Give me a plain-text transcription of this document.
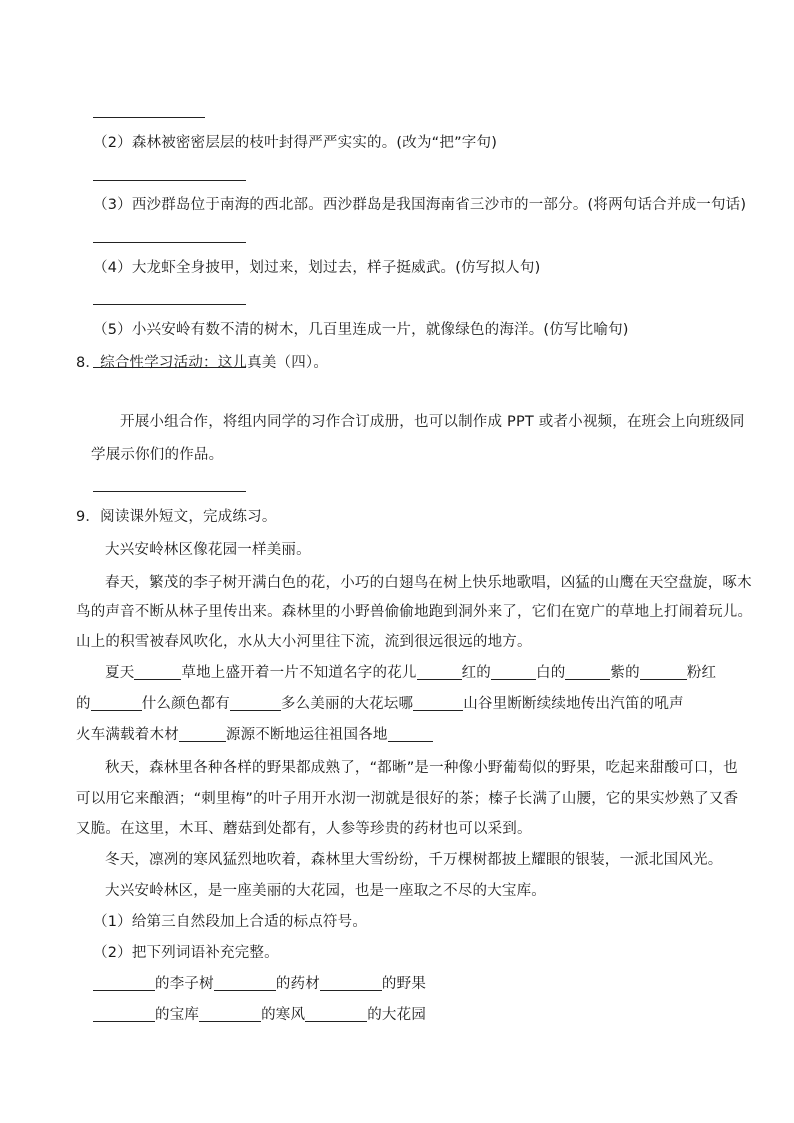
（2）森林被密密层层的枝叶封得严严实实的。(改为“把”字句)
（3）西沙群岛位于南海的西北部。西沙群岛是我国海南省三沙市的一部分。(将两句话合并成一句话)
（4）大龙虾全身披甲，划过来，划过去，样子挺威武。(仿写拟人句)
（5）小兴安岭有数不清的树木，几百里连成一片，就像绿色的海洋。(仿写比喻句)
8．综合性学习活动：这儿真美（四）。
开展小组合作，将组内同学的习作合订成册，也可以制作成 PPT 或者小视频，在班会上向班级同
学展示你们的作品。
9．阅读课外短文，完成练习。
大兴安岭林区像花园一样美丽。
春天，繁茂的李子树开满白色的花，小巧的白翅鸟在树上快乐地歌唱，凶猛的山鹰在天空盘旋，啄木
鸟的声音不断从林子里传出来。森林里的小野兽偷偷地跑到洞外来了，它们在宽广的草地上打闹着玩儿。
山上的积雪被春风吹化，水从大小河里往下流，流到很远很远的地方。
夏天	草地上盛开着一片不知道名字的花儿	红的	白的	紫的	粉红
的	什么颜色都有	多么美丽的大花坛哪	山谷里断断续续地传出汽笛的吼声
火车满载着木材	源源不断地运往祖国各地
秋天，森林里各种各样的野果都成熟了，“都晰”是一种像小野葡萄似的野果，吃起来甜酸可口，也
可以用它来酿酒；“刺里梅”的叶子用开水沏一沏就是很好的茶；榛子长满了山腰，它的果实炒熟了又香
又脆。在这里，木耳、蘑菇到处都有，人参等珍贵的药材也可以采到。
冬天，凛冽的寒风猛烈地吹着，森林里大雪纷纷，千万棵树都披上耀眼的银装，一派北国风光。
大兴安岭林区，是一座美丽的大花园，也是一座取之不尽的大宝库。
（1）给第三自然段加上合适的标点符号。
（2）把下列词语补充完整。
的李子树	的药材	的野果
的宝库	的寒风	的大花园
